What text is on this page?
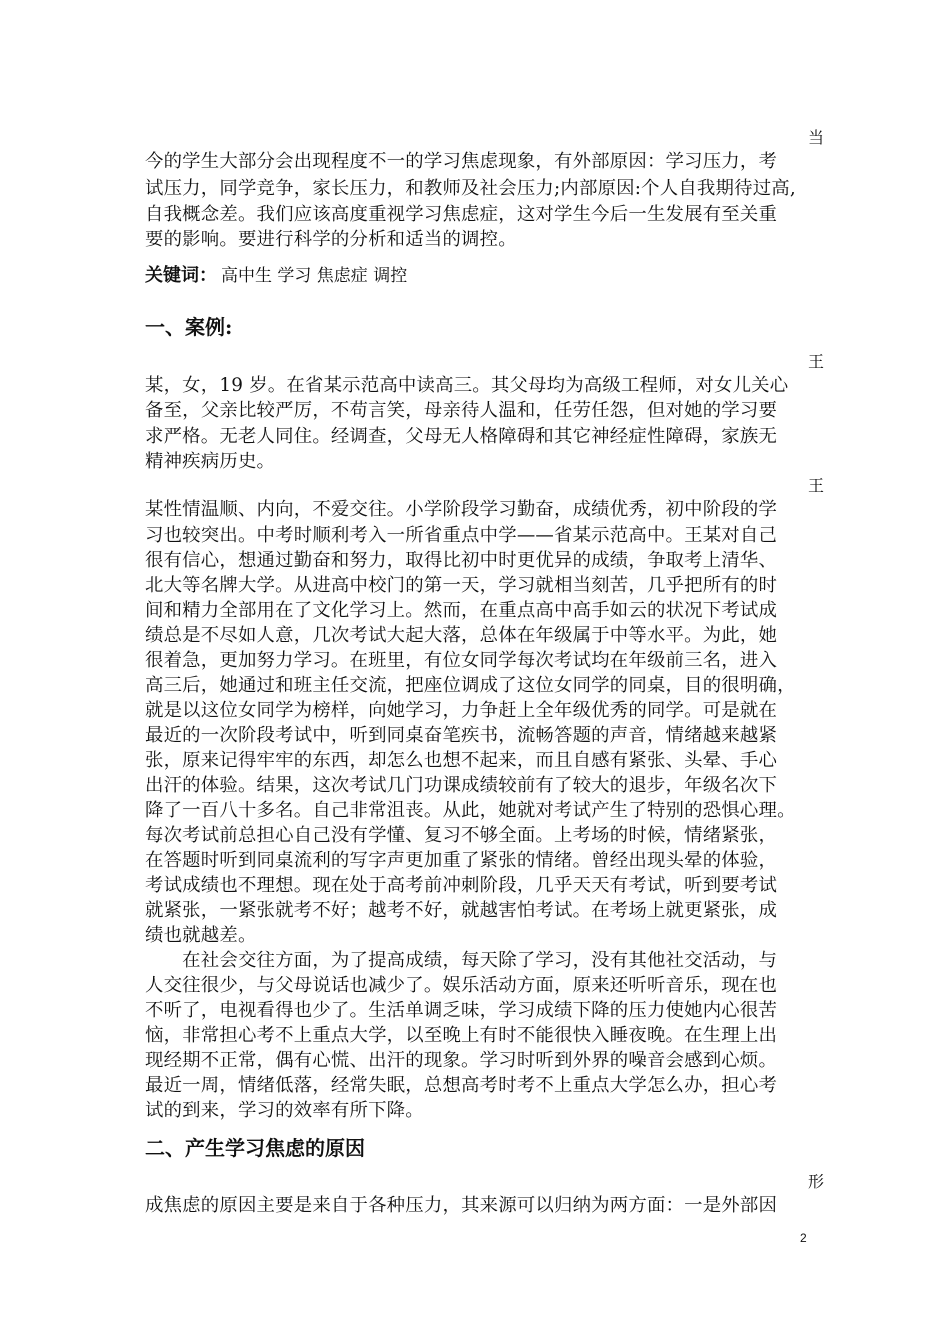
当
今的学生大部分会出现程度不一的学习焦虑现象，有外部原因：学习压力，考
试压力，同学竞争，家长压力，和教师及社会压力;内部原因:个人自我期待过高,
自我概念差。我们应该高度重视学习焦虑症，这对学生今后一生发展有至关重
要的影响。要进行科学的分析和适当的调控。
关键词： 高中生 学习 焦虑症 调控
一、案例:
王
某，女，19 岁。在省某示范高中读高三。其父母均为高级工程师，对女儿关心
备至，父亲比较严厉，不苟言笑，母亲待人温和，任劳任怨，但对她的学习要
求严格。无老人同住。经调查，父母无人格障碍和其它神经症性障碍，家族无
精神疾病历史。
王
某性情温顺、内向，不爱交往。小学阶段学习勤奋，成绩优秀，初中阶段的学
习也较突出。中考时顺利考入一所省重点中学——省某示范高中。王某对自己
很有信心，想通过勤奋和努力，取得比初中时更优异的成绩，争取考上清华、
北大等名牌大学。从进高中校门的第一天，学习就相当刻苦，几乎把所有的时
间和精力全部用在了文化学习上。然而，在重点高中高手如云的状况下考试成
绩总是不尽如人意，几次考试大起大落，总体在年级属于中等水平。为此，她
很着急，更加努力学习。在班里，有位女同学每次考试均在年级前三名，进入
高三后，她通过和班主任交流，把座位调成了这位女同学的同桌，目的很明确，
就是以这位女同学为榜样，向她学习，力争赶上全年级优秀的同学。可是就在
最近的一次阶段考试中，听到同桌奋笔疾书，流畅答题的声音，情绪越来越紧
张，原来记得牢牢的东西，却怎么也想不起来，而且自感有紧张、头晕、手心
出汗的体验。结果，这次考试几门功课成绩较前有了较大的退步，年级名次下
降了一百八十多名。自己非常沮丧。从此，她就对考试产生了特别的恐惧心理。
每次考试前总担心自己没有学懂、复习不够全面。上考场的时候，情绪紧张，
在答题时听到同桌流利的写字声更加重了紧张的情绪。曾经出现头晕的体验，
考试成绩也不理想。现在处于高考前冲刺阶段，几乎天天有考试，听到要考试
就紧张，一紧张就考不好；越考不好，就越害怕考试。在考场上就更紧张，成
绩也就越差。
　　在社会交往方面，为了提高成绩，每天除了学习，没有其他社交活动，与
人交往很少，与父母说话也减少了。娱乐活动方面，原来还听听音乐，现在也
不听了，电视看得也少了。生活单调乏味，学习成绩下降的压力使她内心很苦
恼，非常担心考不上重点大学，以至晚上有时不能很快入睡夜晚。在生理上出
现经期不正常，偶有心慌、出汗的现象。学习时听到外界的噪音会感到心烦。
最近一周，情绪低落，经常失眠，总想高考时考不上重点大学怎么办，担心考
试的到来，学习的效率有所下降。
二、产生学习焦虑的原因
形
成焦虑的原因主要是来自于各种压力，其来源可以归纳为两方面：一是外部因
2
